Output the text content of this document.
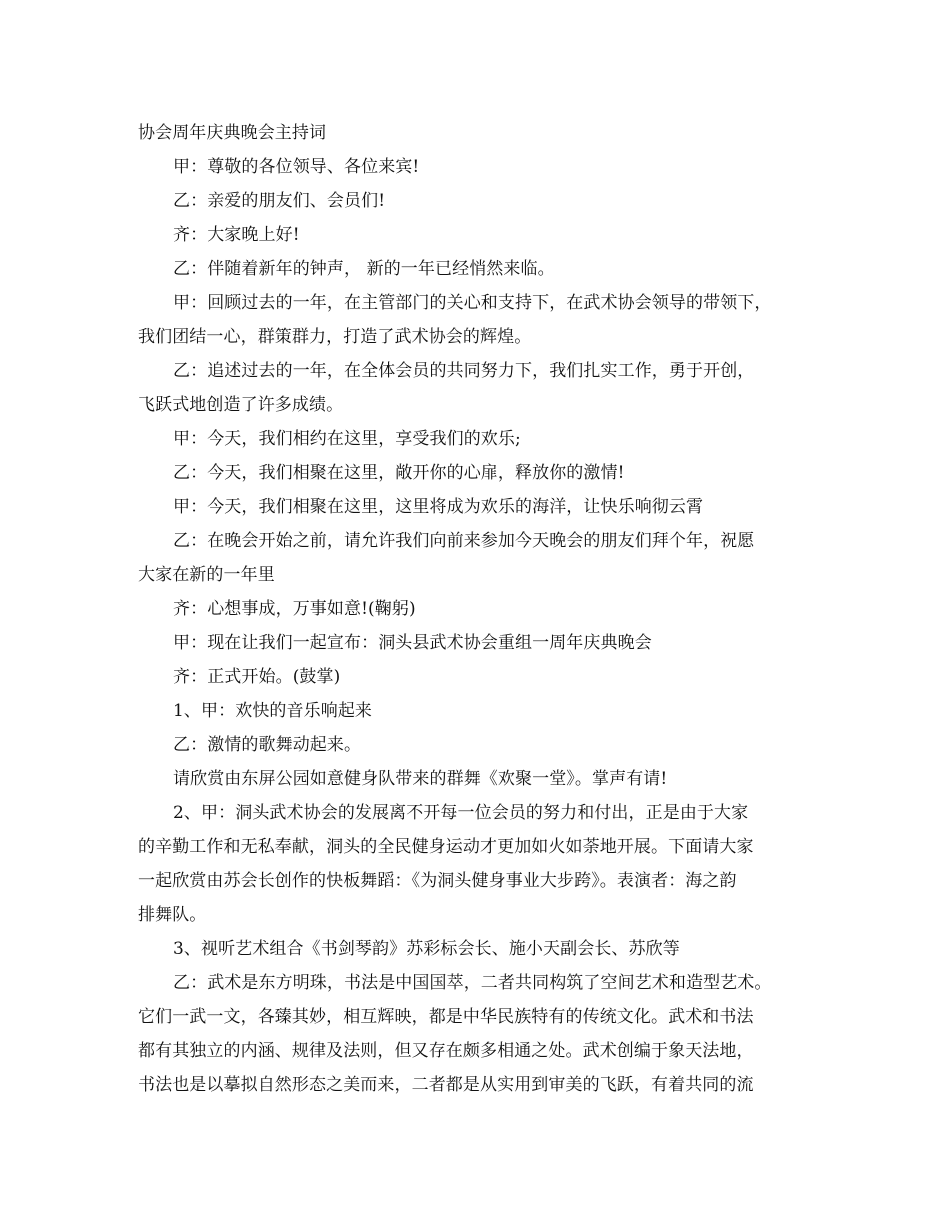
协会周年庆典晚会主持词

甲：尊敬的各位领导、各位来宾!

乙：亲爱的朋友们、会员们!

齐：大家晚上好!

乙：伴随着新年的钟声， 新的一年已经悄然来临。

甲：回顾过去的一年，在主管部门的关心和支持下，在武术协会领导的带领下，

我们团结一心，群策群力，打造了武术协会的辉煌。

乙：追述过去的一年，在全体会员的共同努力下，我们扎实工作，勇于开创，

飞跃式地创造了许多成绩。

甲：今天，我们相约在这里，享受我们的欢乐;

乙：今天，我们相聚在这里，敞开你的心扉，释放你的激情!

甲：今天，我们相聚在这里，这里将成为欢乐的海洋，让快乐响彻云霄

乙：在晚会开始之前，请允许我们向前来参加今天晚会的朋友们拜个年，祝愿

大家在新的一年里

齐：心想事成，万事如意!(鞠躬)

甲：现在让我们一起宣布：洞头县武术协会重组一周年庆典晚会

齐：正式开始。(鼓掌)

1、甲：欢快的音乐响起来

乙：激情的歌舞动起来。

请欣赏由东屏公园如意健身队带来的群舞《欢聚一堂》。掌声有请!

2、甲：洞头武术协会的发展离不开每一位会员的努力和付出，正是由于大家

的辛勤工作和无私奉献，洞头的全民健身运动才更加如火如荼地开展。下面请大家

一起欣赏由苏会长创作的快板舞蹈：《为洞头健身事业大步跨》。表演者：海之韵

排舞队。

3、视听艺术组合《书剑琴韵》苏彩标会长、施小天副会长、苏欣等

乙：武术是东方明珠，书法是中国国萃，二者共同构筑了空间艺术和造型艺术。

它们一武一文，各臻其妙，相互辉映，都是中华民族特有的传统文化。武术和书法

都有其独立的内涵、规律及法则，但又存在颇多相通之处。武术创编于象天法地，

书法也是以摹拟自然形态之美而来，二者都是从实用到审美的飞跃，有着共同的流
